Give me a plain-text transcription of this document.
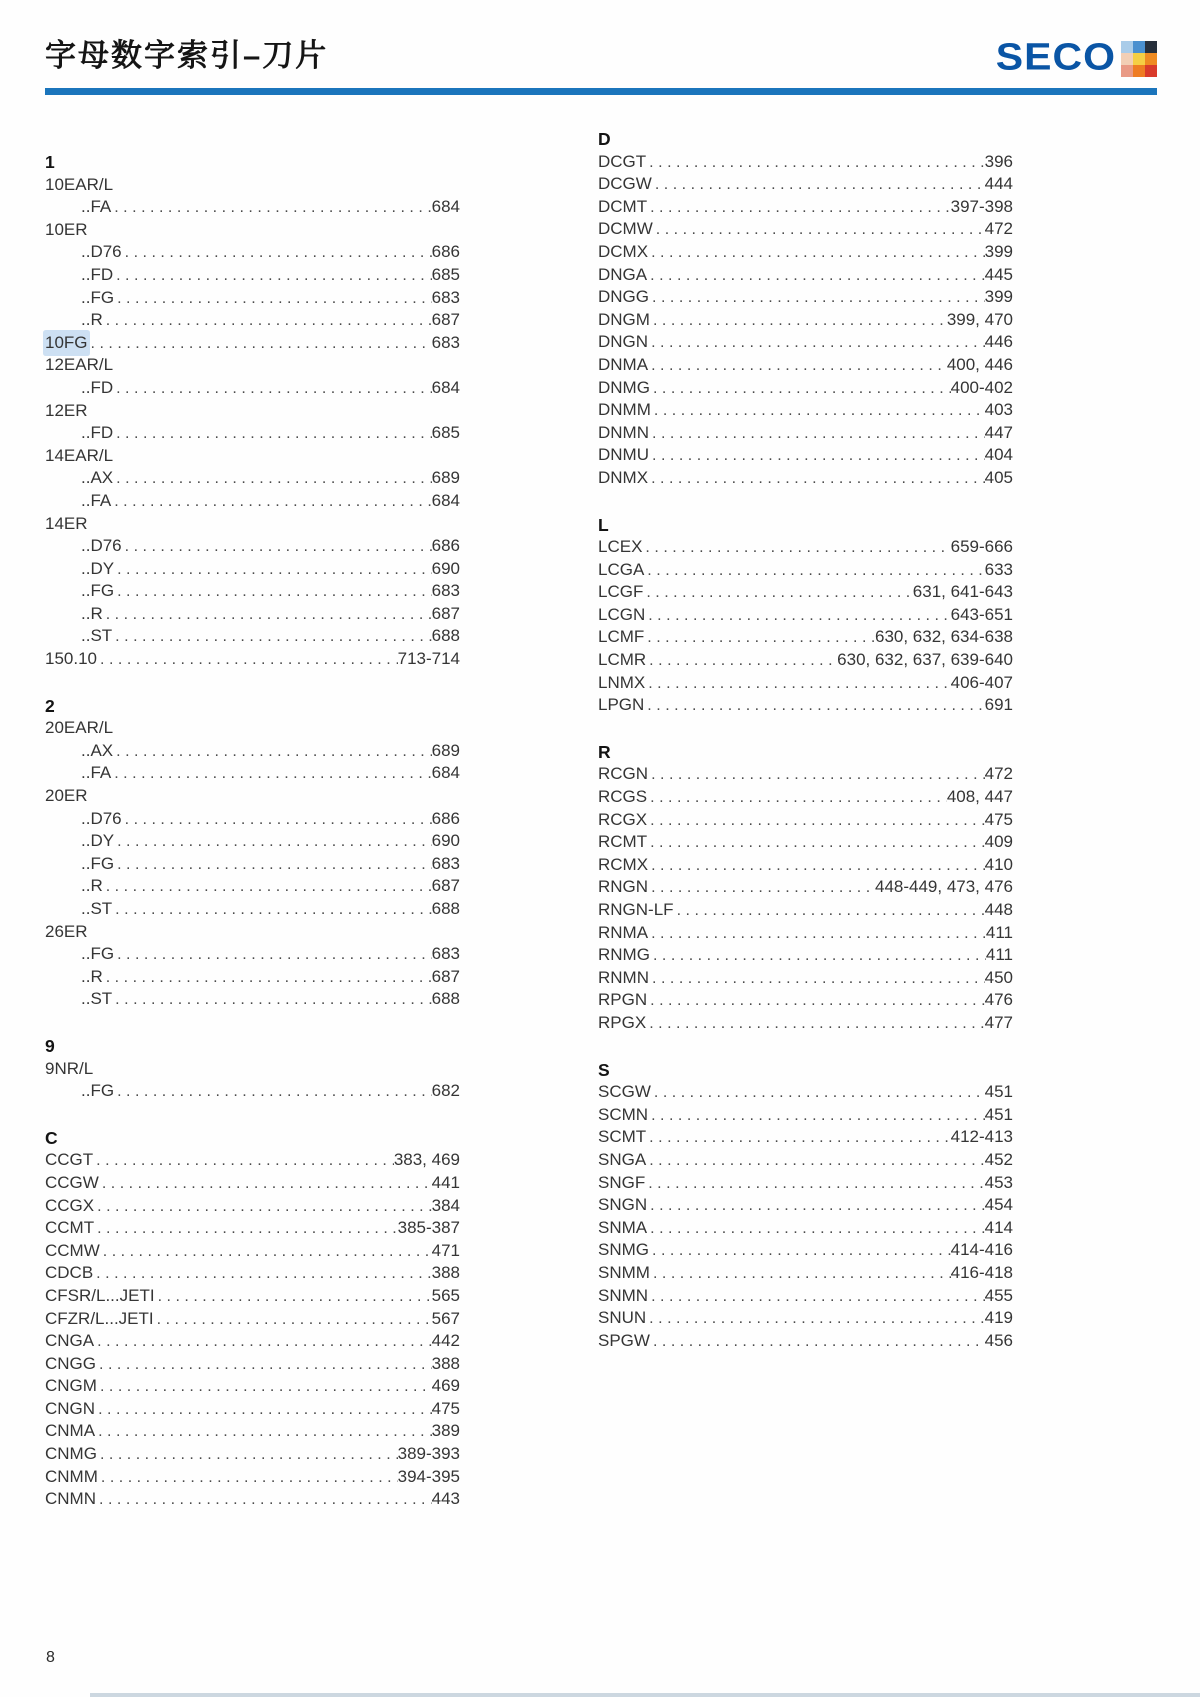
字母数字索引–刀片	SECO
1
10EAR/L
..FA .....	684
10ER
..D76 .....	686
..FD .....	685
..FG .....	683
..R .....	687
10FG .....	683
12EAR/L
..FD .....	684
12ER
..FD .....	685
14EAR/L
..AX .....	689
..FA .....	684
14ER
..D76 .....	686
..DY .....	690
..FG .....	683
..R .....	687
..ST .....	688
150.10 .....	713-714
2
20EAR/L
..AX .....	689
..FA .....	684
20ER
..D76 .....	686
..DY .....	690
..FG .....	683
..R .....	687
..ST .....	688
26ER
..FG .....	683
..R .....	687
..ST .....	688
9
9NR/L
..FG .....	682
C
CCGT .....	383, 469
CCGW .....	441
CCGX .....	384
CCMT .....	385-387
CCMW .....	471
CDCB .....	388
CFSR/L...JETI .....	565
CFZR/L...JETI .....	567
CNGA .....	442
CNGG .....	388
CNGM .....	469
CNGN .....	475
CNMA .....	389
CNMG .....	389-393
CNMM .....	394-395
CNMN .....	443
D
DCGT .....	396
DCGW .....	444
DCMT .....	397-398
DCMW .....	472
DCMX .....	399
DNGA .....	445
DNGG .....	399
DNGM .....	399, 470
DNGN .....	446
DNMA .....	400, 446
DNMG .....	400-402
DNMM .....	403
DNMN .....	447
DNMU .....	404
DNMX .....	405
L
LCEX .....	659-666
LCGA .....	633
LCGF .....	631, 641-643
LCGN .....	643-651
LCMF .....	630, 632, 634-638
LCMR .....	630, 632, 637, 639-640
LNMX .....	406-407
LPGN .....	691
R
RCGN .....	472
RCGS .....	408, 447
RCGX .....	475
RCMT .....	409
RCMX .....	410
RNGN .....	448-449, 473, 476
RNGN-LF .....	448
RNMA .....	411
RNMG .....	411
RNMN .....	450
RPGN .....	476
RPGX .....	477
S
SCGW .....	451
SCMN .....	451
SCMT .....	412-413
SNGA .....	452
SNGF .....	453
SNGN .....	454
SNMA .....	414
SNMG .....	414-416
SNMM .....	416-418
SNMN .....	455
SNUN .....	419
SPGW .....	456
8
